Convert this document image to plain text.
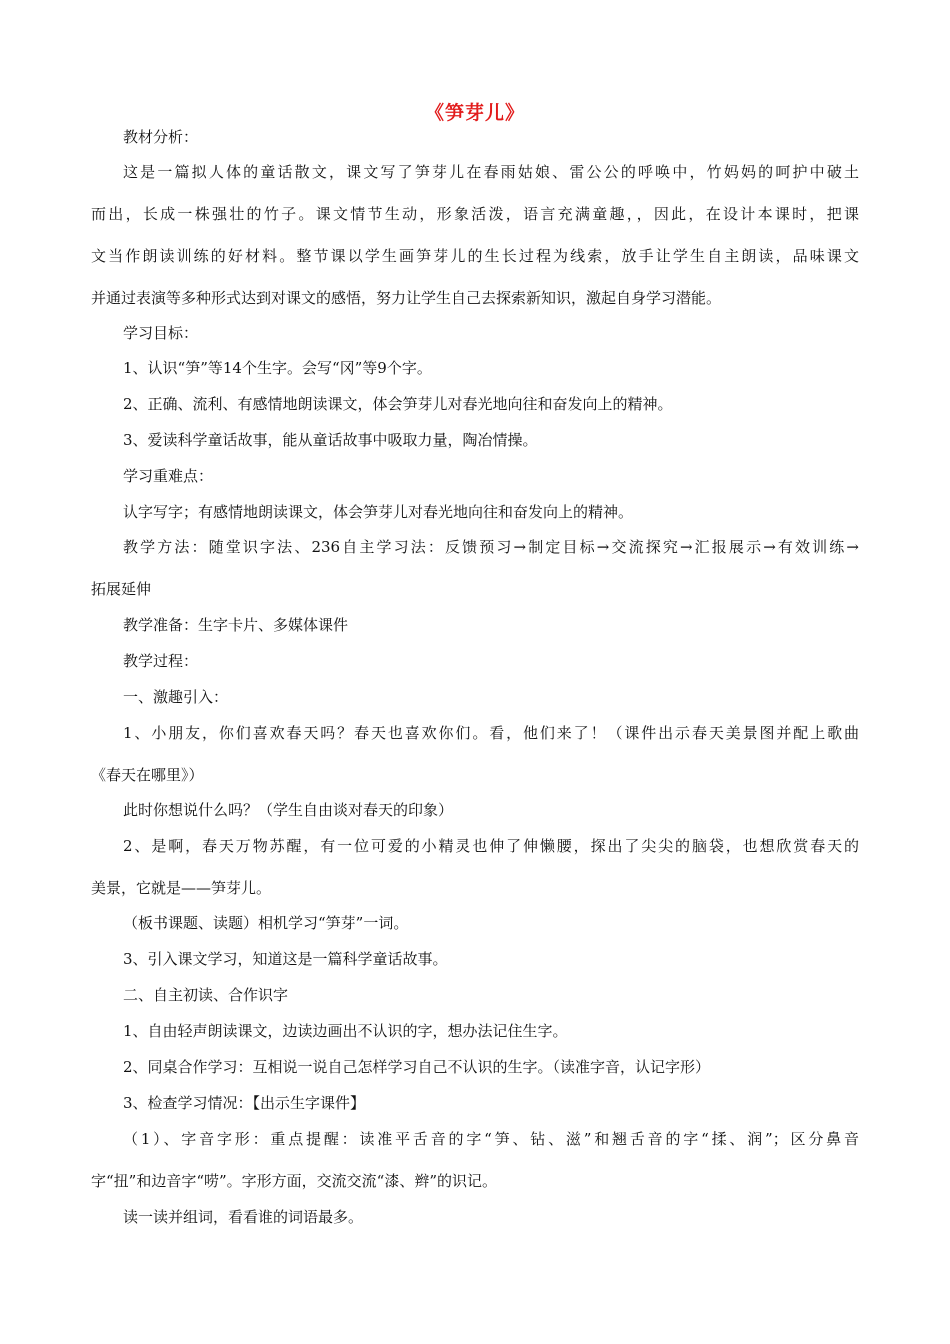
《笋芽儿》
教材分析：
这是一篇拟人体的童话散文，课文写了笋芽儿在春雨姑娘、雷公公的呼唤中，竹妈妈的呵护中破土
而出，长成一株强壮的竹子。课文情节生动，形象活泼，语言充满童趣，，因此，在设计本课时，把课
文当作朗读训练的好材料。整节课以学生画笋芽儿的生长过程为线索，放手让学生自主朗读，品味课文
并通过表演等多种形式达到对课文的感悟，努力让学生自己去探索新知识，激起自身学习潜能。
学习目标：
1、认识“笋”等14个生字。会写“冈”等9个字。
2、正确、流利、有感情地朗读课文，体会笋芽儿对春光地向往和奋发向上的精神。
3、爱读科学童话故事，能从童话故事中吸取力量，陶冶情操。
学习重难点：
认字写字；有感情地朗读课文，体会笋芽儿对春光地向往和奋发向上的精神。
教学方法：随堂识字法、236自主学习法：反馈预习→制定目标→交流探究→汇报展示→有效训练→
拓展延伸
教学准备：生字卡片、多媒体课件
教学过程：
一、激趣引入：
1、小朋友，你们喜欢春天吗？春天也喜欢你们。看，他们来了！（课件出示春天美景图并配上歌曲
《春天在哪里》）
此时你想说什么吗？（学生自由谈对春天的印象）
2、是啊，春天万物苏醒，有一位可爱的小精灵也伸了伸懒腰，探出了尖尖的脑袋，也想欣赏春天的
美景，它就是——笋芽儿。
（板书课题、读题）相机学习“笋芽”一词。
3、引入课文学习，知道这是一篇科学童话故事。
二、自主初读、合作识字
1、自由轻声朗读课文，边读边画出不认识的字，想办法记住生字。
2、同桌合作学习：互相说一说自己怎样学习自己不认识的生字。（读准字音，认记字形）
3、检查学习情况：【出示生字课件】
（1）、字音字形：重点提醒：读准平舌音的字“笋、钻、滋”和翘舌音的字“揉、润”；区分鼻音
字“扭”和边音字“唠”。字形方面，交流交流“漆、辫”的识记。
读一读并组词，看看谁的词语最多。
